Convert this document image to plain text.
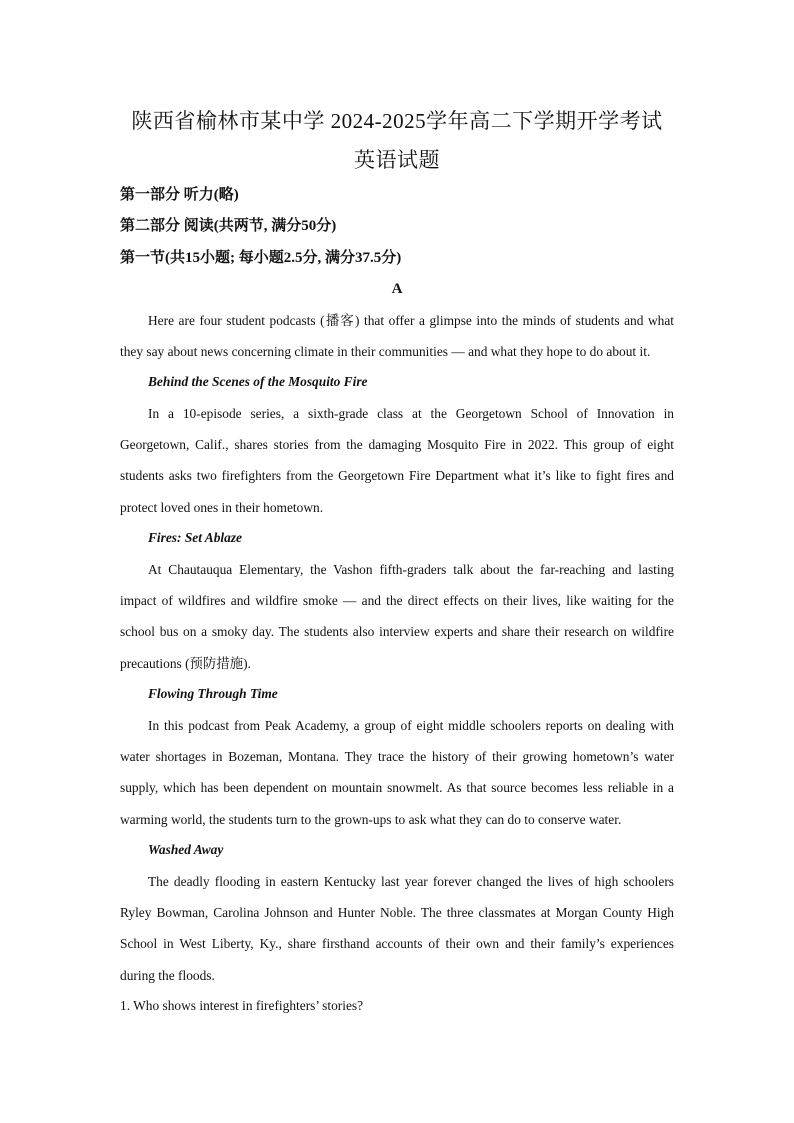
陕西省榆林市某中学 2024-2025学年高二下学期开学考试
英语试题
第一部分 听力(略)
第二部分 阅读(共两节, 满分50分)
第一节(共15小题; 每小题2.5分, 满分37.5分)
A

Here are four student podcasts (播客) that offer a glimpse into the minds of students and what they say about news concerning climate in their communities — and what they hope to do about it.

Behind the Scenes of the Mosquito Fire

In a 10-episode series, a sixth-grade class at the Georgetown School of Innovation in Georgetown, Calif., shares stories from the damaging Mosquito Fire in 2022. This group of eight students asks two firefighters from the Georgetown Fire Department what it’s like to fight fires and protect loved ones in their hometown.

Fires: Set Ablaze

At Chautauqua Elementary, the Vashon fifth-graders talk about the far-reaching and lasting impact of wildfires and wildfire smoke — and the direct effects on their lives, like waiting for the school bus on a smoky day. The students also interview experts and share their research on wildfire precautions (预防措施).

Flowing Through Time

In this podcast from Peak Academy, a group of eight middle schoolers reports on dealing with water shortages in Bozeman, Montana. They trace the history of their growing hometown’s water supply, which has been dependent on mountain snowmelt. As that source becomes less reliable in a warming world, the students turn to the grown-ups to ask what they can do to conserve water.

Washed Away

The deadly flooding in eastern Kentucky last year forever changed the lives of high schoolers Ryley Bowman, Carolina Johnson and Hunter Noble. The three classmates at Morgan County High School in West Liberty, Ky., share firsthand accounts of their own and their family’s experiences during the floods.

1. Who shows interest in firefighters’ stories?
